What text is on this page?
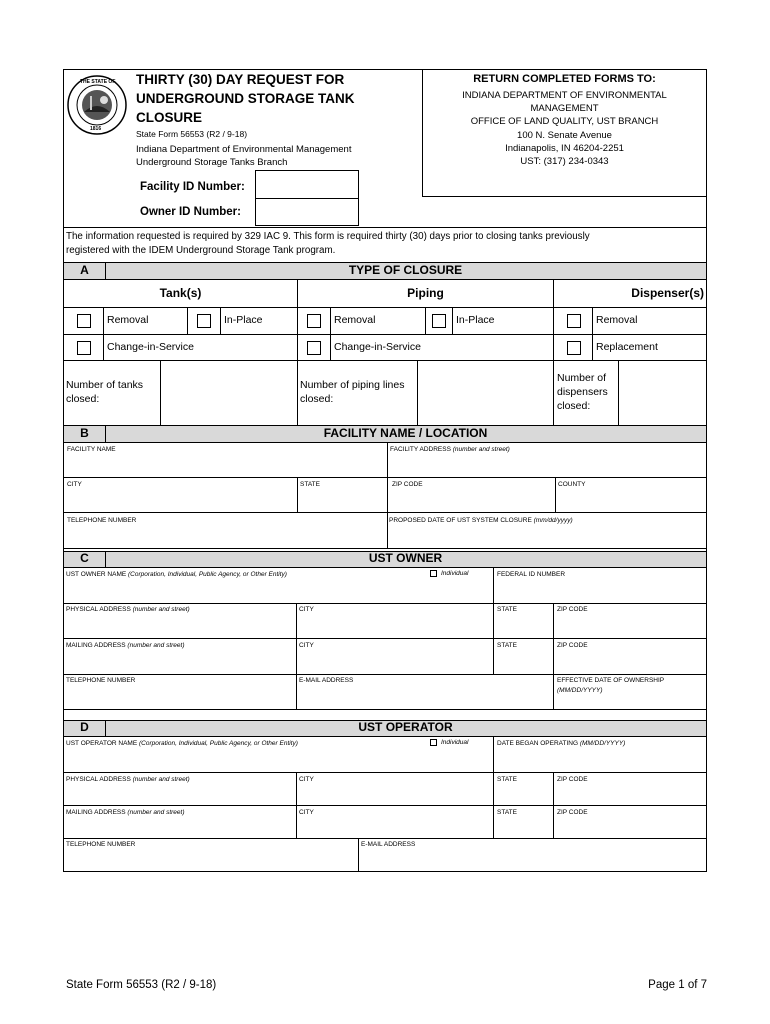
THE STATE OF
1816
THIRTY (30) DAY REQUEST FOR
UNDERGROUND STORAGE TANK
CLOSURE
State Form 56553 (R2 / 9-18)
Indiana Department of Environmental Management
Underground Storage Tanks Branch
RETURN COMPLETED FORMS TO:
INDIANA DEPARTMENT OF ENVIRONMENTAL
MANAGEMENT
OFFICE OF LAND QUALITY, UST BRANCH
100 N. Senate Avenue
Indianapolis, IN 46204-2251
UST: (317) 234-0343
Facility ID Number:
Owner ID Number:
The information requested is required by 329 IAC 9. This form is required thirty (30) days prior to closing tanks previously
registered with the IDEM Underground Storage Tank program.
A	TYPE OF CLOSURE
Tank(s)	Piping	Dispenser(s)
Removal	In-Place	Removal	In-Place	Removal
Change-in-Service	Change-in-Service	Replacement
Number of tanks
closed:
Number of piping lines
closed:
Number of
dispensers
closed:
B	FACILITY NAME / LOCATION
FACILITY NAME	FACILITY ADDRESS (number and street)
CITY	STATE	ZIP CODE	COUNTY
TELEPHONE NUMBER	PROPOSED DATE OF UST SYSTEM CLOSURE (mm/dd/yyyy)
C	UST OWNER
UST OWNER NAME (Corporation, Individual, Public Agency, or Other Entity)	Individual	FEDERAL ID NUMBER
PHYSICAL ADDRESS (number and street)	CITY	STATE	ZIP CODE
MAILING ADDRESS (number and street)	CITY	STATE	ZIP CODE
TELEPHONE NUMBER	E-MAIL ADDRESS	EFFECTIVE DATE OF OWNERSHIP
(MM/DD/YYYY)
D	UST OPERATOR
UST OPERATOR NAME (Corporation, Individual, Public Agency, or Other Entity)	Individual	DATE BEGAN OPERATING (MM/DD/YYYY)
PHYSICAL ADDRESS (number and street)	CITY	STATE	ZIP CODE
MAILING ADDRESS (number and street)	CITY	STATE	ZIP CODE
TELEPHONE NUMBER	E-MAIL ADDRESS
State Form 56553 (R2 / 9-18)	Page 1 of 7
